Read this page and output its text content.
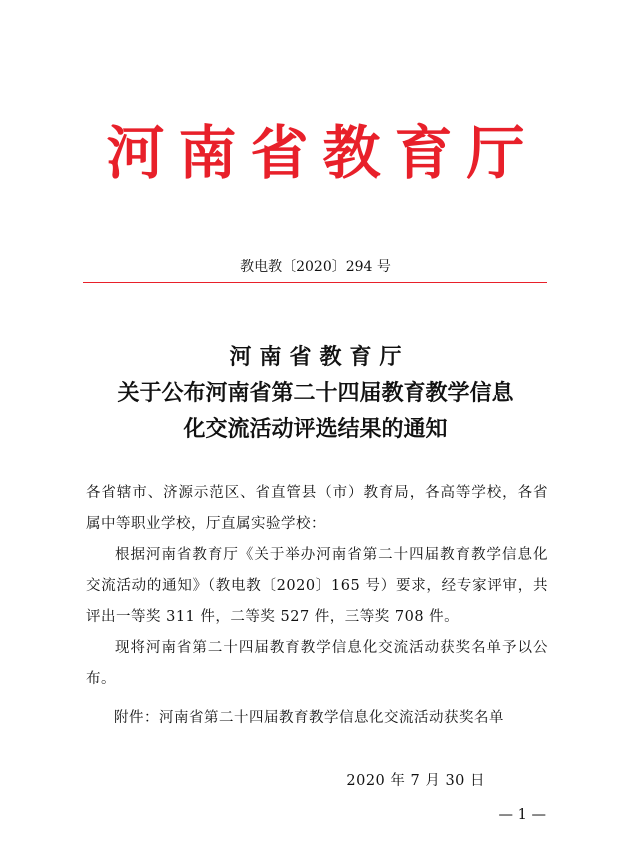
河南省教育厅
教电教〔2020〕294 号
河南省教育厅
关于公布河南省第二十四届教育教学信息
化交流活动评选结果的通知

各省辖市、济源示范区、省直管县（市）教育局，各高等学校，各省属中等职业学校，厅直属实验学校：

根据河南省教育厅《关于举办河南省第二十四届教育教学信息化交流活动的通知》（教电教〔2020〕165 号）要求，经专家评审，共评出一等奖 311 件，二等奖 527 件，三等奖 708 件。

现将河南省第二十四届教育教学信息化交流活动获奖名单予以公布。

附件：河南省第二十四届教育教学信息化交流活动获奖名单
2020 年 7 月 30 日
— 1 —
